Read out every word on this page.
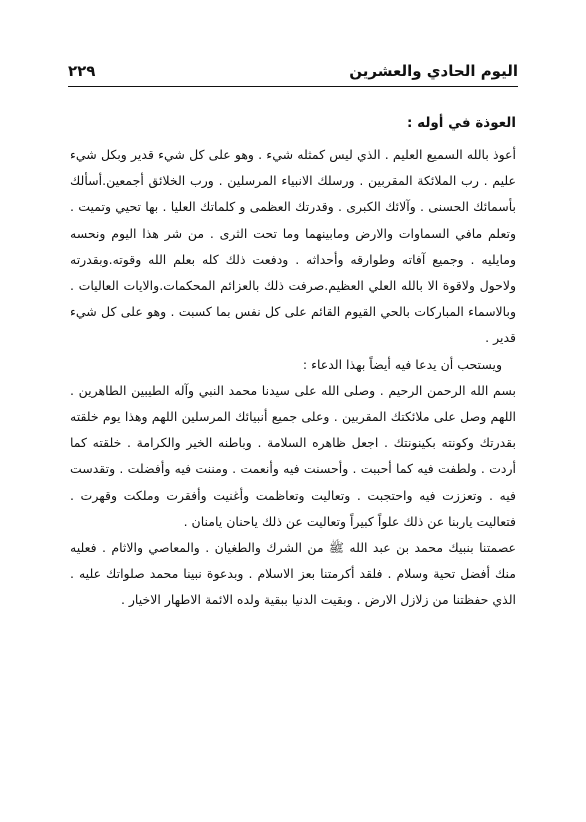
اليوم الحادي والعشرين
٢٢٩
العوذة في أوله :

أعوذ بالله السميع العليم . الذي ليس كمثله شيء . وهو على كل شيء قدير وبكل شيء عليم . رب الملائكة المقربين . ورسلك الانبياء المرسلين . ورب الخلائق أجمعين.أسألك بأسمائك الحسنى . وآلائك الكبرى . وقدرتك العظمى و كلماتك العليا . بها تحيي وتميت . وتعلم مافي السماوات والارض ومابينهما وما تحت الثرى . من شر هذا اليوم ونحسه ومايليه . وجميع آفاته وطوارقه وأحداثه . ودفعت ذلك كله بعلم الله وقوته.وبقدرته ولاحول ولاقوة الا بالله العلي العظيم.صرفت ذلك بالعزائم المحكمات.والايات العاليات . وبالاسماء المباركات بالحي القيوم القائم على كل نفس بما كسبت . وهو على كل شيء قدير .

ويستحب أن يدعا فيه أيضاً بهذا الدعاء :

بسم الله الرحمن الرحيم . وصلى الله على سيدنا محمد النبي وآله الطيبين الطاهرين . اللهم وصل على ملائكتك المقربين . وعلى جميع أنبيائك المرسلين اللهم وهذا يوم خلقته بقدرتك وكونته بكينونتك . اجعل ظاهره السلامة . وباطنه الخير والكرامة . خلقته كما أردت . ولطفت فيه كما أحببت . وأحسنت فيه وأنعمت . ومننت فيه وأفضلت . وتقدست فيه . وتعززت فيه واحتجبت . وتعاليت وتعاظمت وأغنيت وأفقرت وملكت وقهرت . فتعاليت ياربنا عن ذلك علواً كبيراً وتعاليت عن ذلك ياحنان يامنان .

عصمتنا بنبيك محمد بن عبد الله ﷺ من الشرك والطغيان . والمعاصي والاثام . فعليه منك أفضل تحية وسلام . فلقد أكرمتنا بعز الاسلام . وبدعوة نبينا محمد صلواتك عليه . الذي حفظتنا من زلازل الارض . وبقيت الدنيا ببقية ولده الائمة الاطهار الاخيار .
